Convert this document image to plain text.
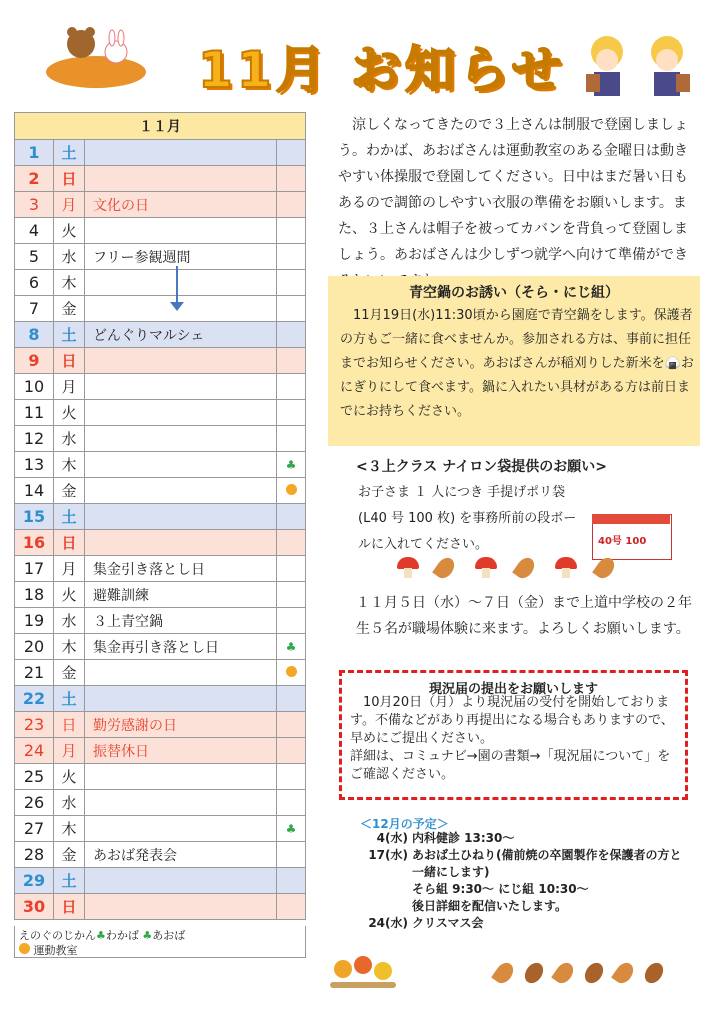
11月 お知らせ
１１月			
1	土		
2	日		
3	月	文化の日	
4	火		
5	水	フリー参観週間	
6	木		
7	金		
8	土	どんぐりマルシェ	
9	日		
10	月		
11	火		
12	水		
13	木		♣
14	金		
15	土		
16	日		
17	月	集金引き落とし日	
18	火	避難訓練	
19	水	３上青空鍋	
20	木	集金再引き落とし日	♣
21	金		
22	土		
23	日	勤労感謝の日	
24	月	振替休日	
25	火		
26	水		
27	木		♣
28	金	あおば発表会	
29	土		
30	日		
えのぐのじかん♣わかば ♣あおば
運動教室
涼しくなってきたので３上さんは制服で登園しましょう。わかば、あおばさんは運動教室のある金曜日は動きやすい体操服で登園してください。日中はまだ暑い日もあるので調節のしやすい衣服の準備をお願いします。また、３上さんは帽子を被ってカバンを背負って登園しましょう。あおばさんは少しずつ就学へ向けて準備ができ
青空鍋のお誘い（そら・にじ組）
11月19日(水)11:30頃から園庭で青空鍋をします。保護者の方もご一緒に食べませんか。参加される方は、事前に担任までお知らせください。あおばさんが稲刈りした新米を🍙おにぎりにして食べます。鍋に入れたい具材がある方は前日までにお持ちください。
<３上クラス ナイロン袋提供のお願い>
お子さま １ 人につき 手提げポリ袋(L40 号 100 枚) を事務所前の段ボールに入れてください。	40号 100
１１月５日（水）～７日（金）まで上道中学校の２年生５名が職場体験に来ます。よろしくお願いします。
現況届の提出をお願いします
10月20日（月）より現況届の受付を開始しております。不備などがあり再提出になる場合もありますので、早めにご提出ください。
詳細は、コミュナビ→園の書類→「現況届について」をご確認ください。
＜12月の予定＞
4(水) 内科健診 13:30～
17(水) あおば土ひねり(備前焼の卒園製作を保護者の方と一緒にします)
そら組 9:30～ にじ組 10:30～
後日詳細を配信いたします。
24(水) クリスマス会
